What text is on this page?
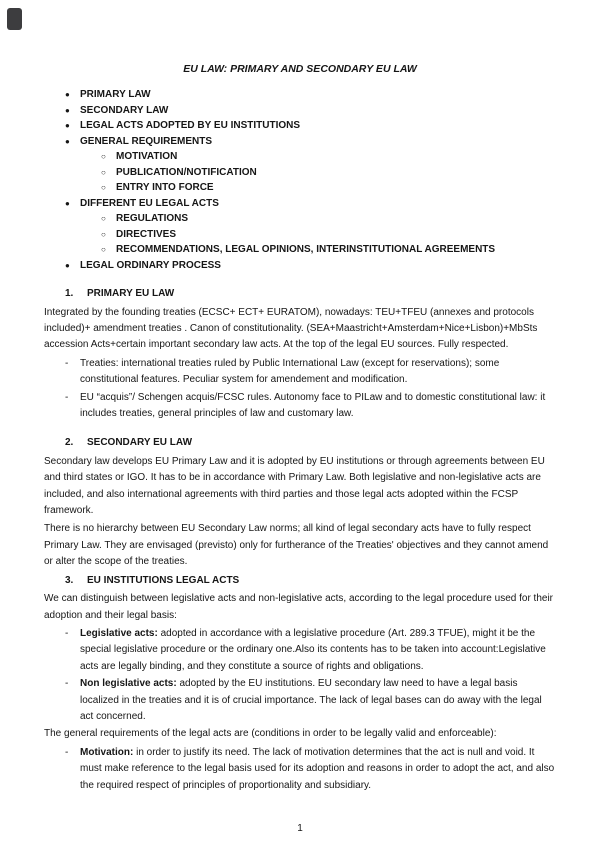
EU LAW: PRIMARY AND SECONDARY EU LAW
●	PRIMARY LAW
●	SECONDARY LAW
●	LEGAL ACTS ADOPTED BY EU INSTITUTIONS
●	GENERAL REQUIREMENTS
○	MOTIVATION
○	PUBLICATION/NOTIFICATION
○	ENTRY INTO FORCE
●	DIFFERENT EU LEGAL ACTS
○	REGULATIONS
○	DIRECTIVES
○	RECOMMENDATIONS, LEGAL OPINIONS, INTERINSTITUTIONAL AGREEMENTS
●	LEGAL ORDINARY PROCESS
1.	PRIMARY EU LAW

Integrated by the founding treaties (ECSC+ ECT+ EURATOM), nowadays: TEU+TFEU (annexes and protocols included)+ amendment treaties . Canon of constitutionality. (SEA+Maastricht+Amsterdam+Nice+Lisbon)+MbSts accession Acts+certain important secondary law acts. At the top of the legal EU sources. Fully respected.

-	Treaties: international treaties ruled by Public International Law (except for reservations); some constitutional features. Peculiar system for amendement and modification.
-	EU “acquis”/ Schengen acquis/FCSC rules. Autonomy face to PILaw and to domestic constitutional law: it includes treaties, general principles of law and customary law.
2.	SECONDARY EU LAW

Secondary law develops EU Primary Law and it is adopted by EU institutions or through agreements between EU and third states or IGO. It has to be in accordance with Primary Law. Both legislative and non-legislative acts are included, and also international agreements with third parties and those legal acts adopted within the FCSP framework.

There is no hierarchy between EU Secondary Law norms; all kind of legal secondary acts have to fully respect Primary Law. They are envisaged (previsto) only for furtherance of the Treaties' objectives and they cannot amend or alter the scope of the treaties.

3.	EU INSTITUTIONS LEGAL ACTS

We can distinguish between legislative acts and non-legislative acts, according to the legal procedure used for their adoption and their legal basis:

-	Legislative acts: adopted in accordance with a legislative procedure (Art. 289.3 TFUE), might it be the special legislative procedure or the ordinary one.Also its contents has to be taken into account:Legislative acts are legally binding, and they constitute a source of rights and obligations.
-	Non legislative acts: adopted by the EU institutions. EU secondary law need to have a legal basis localized in the treaties and it is of crucial importance. The lack of legal bases can do away with the legal act concerned.

The general requirements of the legal acts are (conditions in order to be legally valid and enforceable):

-	Motivation: in order to justify its need. The lack of motivation determines that the act is null and void. It must make reference to the legal basis used for its adoption and reasons in order to adopt the act, and also the required respect of principles of proportionality and subsidiary.
1
